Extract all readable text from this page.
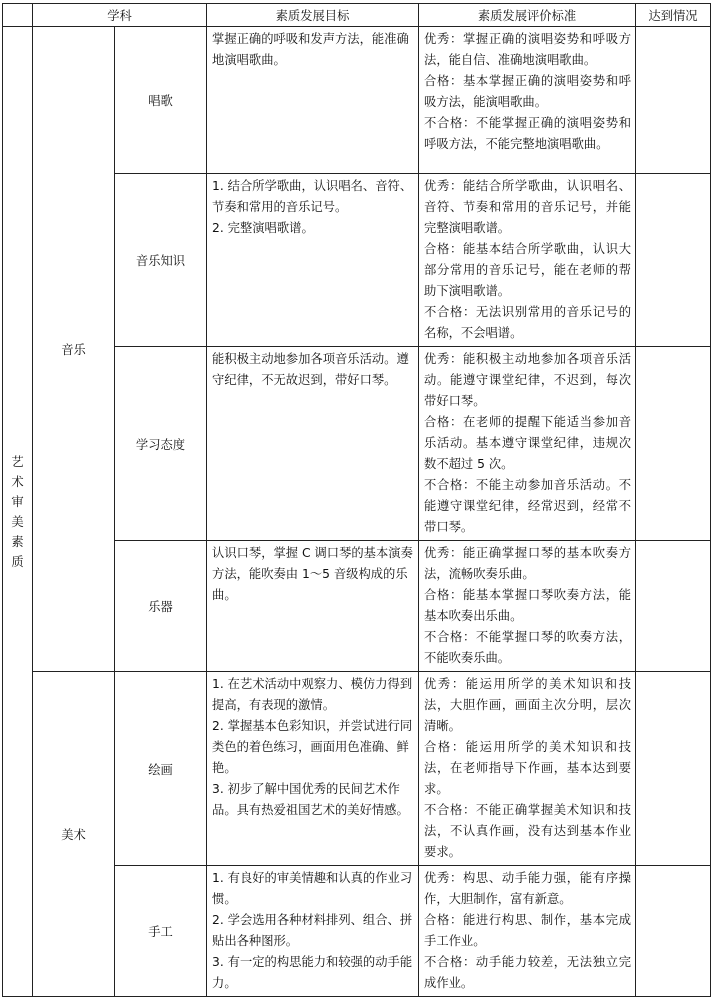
	学科		素质发展目标	素质发展评价标准	达到情况

艺术审美素质	音乐	唱歌	掌握正确的呼吸和发声方法，能准确地演唱歌曲。	优秀：掌握正确的演唱姿势和呼吸方法，能自信、准确地演唱歌曲。
合格：基本掌握正确的演唱姿势和呼吸方法，能演唱歌曲。
不合格：不能掌握正确的演唱姿势和呼吸方法，不能完整地演唱歌曲。	

		音乐知识	1. 结合所学歌曲，认识唱名、音符、节奏和常用的音乐记号。
2. 完整演唱歌谱。	优秀：能结合所学歌曲，认识唱名、音符、节奏和常用的音乐记号，并能完整演唱歌谱。
合格：能基本结合所学歌曲，认识大部分常用的音乐记号，能在老师的帮助下演唱歌谱。
不合格：无法识别常用的音乐记号的名称，不会唱谱。	

		学习态度	能积极主动地参加各项音乐活动。遵守纪律，不无故迟到，带好口琴。	优秀：能积极主动地参加各项音乐活动。能遵守课堂纪律，不迟到，每次带好口琴。
合格：在老师的提醒下能适当参加音乐活动。基本遵守课堂纪律，违规次数不超过 5 次。
不合格：不能主动参加音乐活动。不能遵守课堂纪律，经常迟到，经常不带口琴。	

		乐器	认识口琴，掌握 C 调口琴的基本演奏方法，能吹奏由 1～5 音级构成的乐曲。	优秀：能正确掌握口琴的基本吹奏方法，流畅吹奏乐曲。
合格：能基本掌握口琴吹奏方法，能基本吹奏出乐曲。
不合格：不能掌握口琴的吹奏方法，不能吹奏乐曲。	

	美术	绘画	1. 在艺术活动中观察力、模仿力得到提高，有表现的激情。
2. 掌握基本色彩知识，并尝试进行同类色的着色练习，画面用色准确、鲜艳。
3. 初步了解中国优秀的民间艺术作品。具有热爱祖国艺术的美好情感。	优秀：能运用所学的美术知识和技法，大胆作画，画面主次分明，层次清晰。
合格：能运用所学的美术知识和技法，在老师指导下作画，基本达到要求。
不合格：不能正确掌握美术知识和技法，不认真作画，没有达到基本作业要求。	

		手工	1. 有良好的审美情趣和认真的作业习惯。
2. 学会选用各种材料排列、组合、拼贴出各种图形。
3. 有一定的构思能力和较强的动手能力。	优秀：构思、动手能力强，能有序操作，大胆制作，富有新意。
合格：能进行构思、制作，基本完成手工作业。
不合格：动手能力较差，无法独立完成作业。	
